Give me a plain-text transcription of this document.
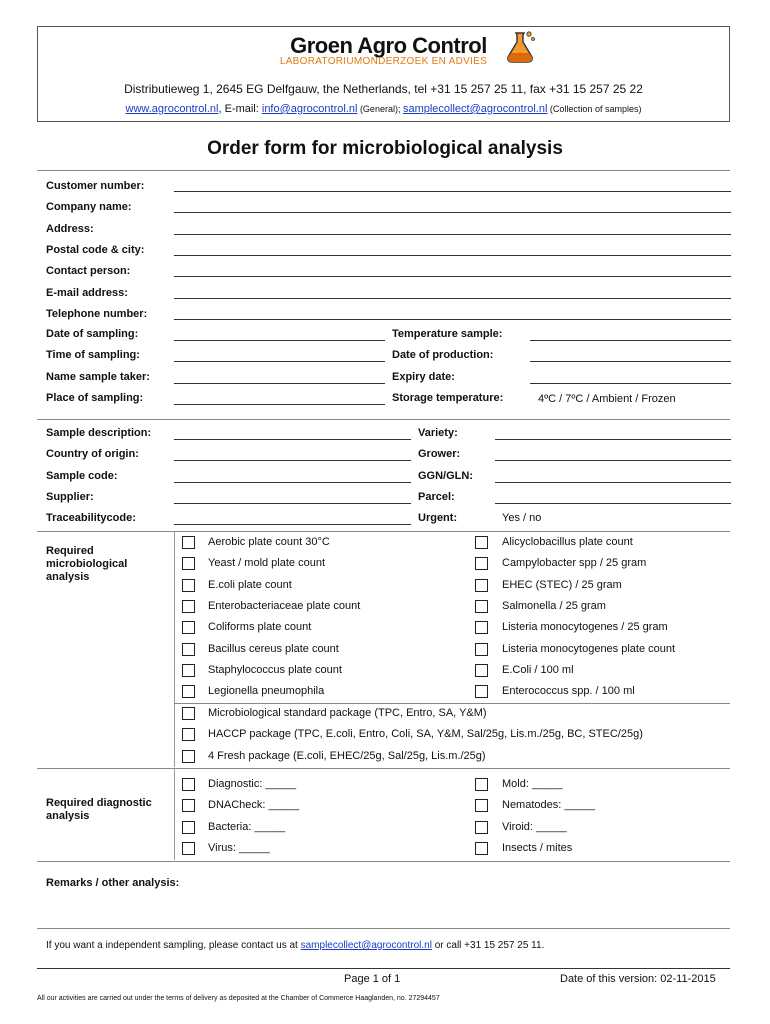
Groen Agro Control
LABORATORIUMONDERZOEK EN ADVIES
Distributieweg 1, 2645 EG Delfgauw, the Netherlands, tel +31 15 257 25 11, fax +31 15 257 25 22
www.agrocontrol.nl, E-mail: info@agrocontrol.nl (General); samplecollect@agrocontrol.nl (Collection of samples)
Order form for microbiological analysis
Customer number:
Company name:
Address:
Postal code & city:
Contact person:
E-mail address:
Telephone number:
Date of sampling:	Temperature sample:
Time of sampling:	Date of production:
Name sample taker:	Expiry date:
Place of sampling:	Storage temperature:	4ºC / 7ºC / Ambient / Frozen
Sample description:	Variety:
Country of origin:	Grower:
Sample code:	GGN/GLN:
Supplier:	Parcel:
Traceabilitycode:	Urgent:	Yes / no
Required
microbiological
analysis
Aerobic plate count 30°C	Alicyclobacillus plate count
Yeast / mold plate count	Campylobacter spp / 25 gram
E.coli plate count	EHEC (STEC) / 25 gram
Enterobacteriaceae plate count	Salmonella / 25 gram
Coliforms plate count	Listeria monocytogenes / 25 gram
Bacillus cereus plate count	Listeria monocytogenes plate count
Staphylococcus plate count	E.Coli / 100 ml
Legionella pneumophila	Enterococcus spp. / 100 ml
Microbiological standard package (TPC, Entro, SA, Y&M)
HACCP package (TPC, E.coli, Entro, Coli, SA, Y&M, Sal/25g, Lis.m./25g, BC, STEC/25g)
4 Fresh package (E.coli, EHEC/25g, Sal/25g, Lis.m./25g)
Required diagnostic
analysis
Diagnostic: _____	Mold: _____
DNACheck: _____	Nematodes: _____
Bacteria: _____	Viroid: _____
Virus: _____	Insects / mites
Remarks / other analysis:
If you want a independent sampling, please contact us at samplecollect@agrocontrol.nl or call +31 15 257 25 11.
Page 1 of 1	Date of this version: 02-11-2015
All our activities are carried out under the terms of delivery as deposited at the Chamber of Commerce Haaglanden, no. 27294457
